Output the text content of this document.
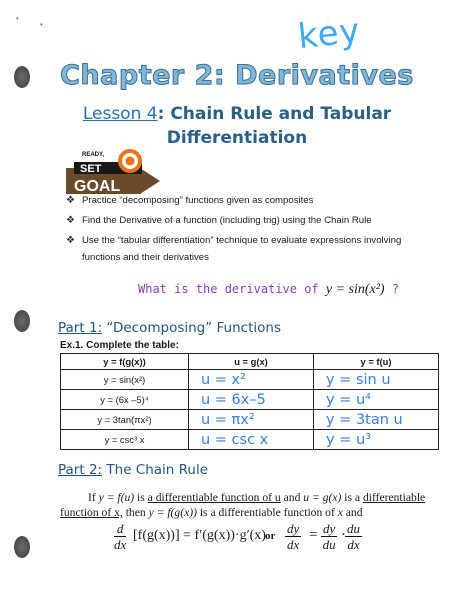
•
•	key
Chapter 2: Derivatives
Lesson 4: Chain Rule and Tabular
Differentiation
READY,
SET
GOAL
❖ Practice “decomposing” functions given as composites
❖ Find the Derivative of a function (including trig) using the Chain Rule
❖ Use the “tabular differentiation” technique to evaluate expressions involving
functions and their derivatives
What is the derivative of y = sin(x²) ?
Part 1: “Decomposing” Functions
Ex.1. Complete the table:
y = f(g(x))	u = g(x)	y = f(u)
y = sin(x²)	u = x²	y = sin u
y = (6x –5)⁴	u = 6x–5	y = u⁴
y = 3tan(πx²)	u = πx²	y = 3tan u
y = csc³ x	u = csc x	y = u³
Part 2: The Chain Rule
If y = f(u) is a differentiable function of u and u = g(x) is a differentiable
function of x, then y = f(g(x)) is a differentiable function of x and
$\frac{d}{dx} [f(g(x))] = f'(g(x))\cdot g'(x)$ or $\frac{dy}{dx} = \frac{dy}{du} \cdot \frac{du}{dx}$
